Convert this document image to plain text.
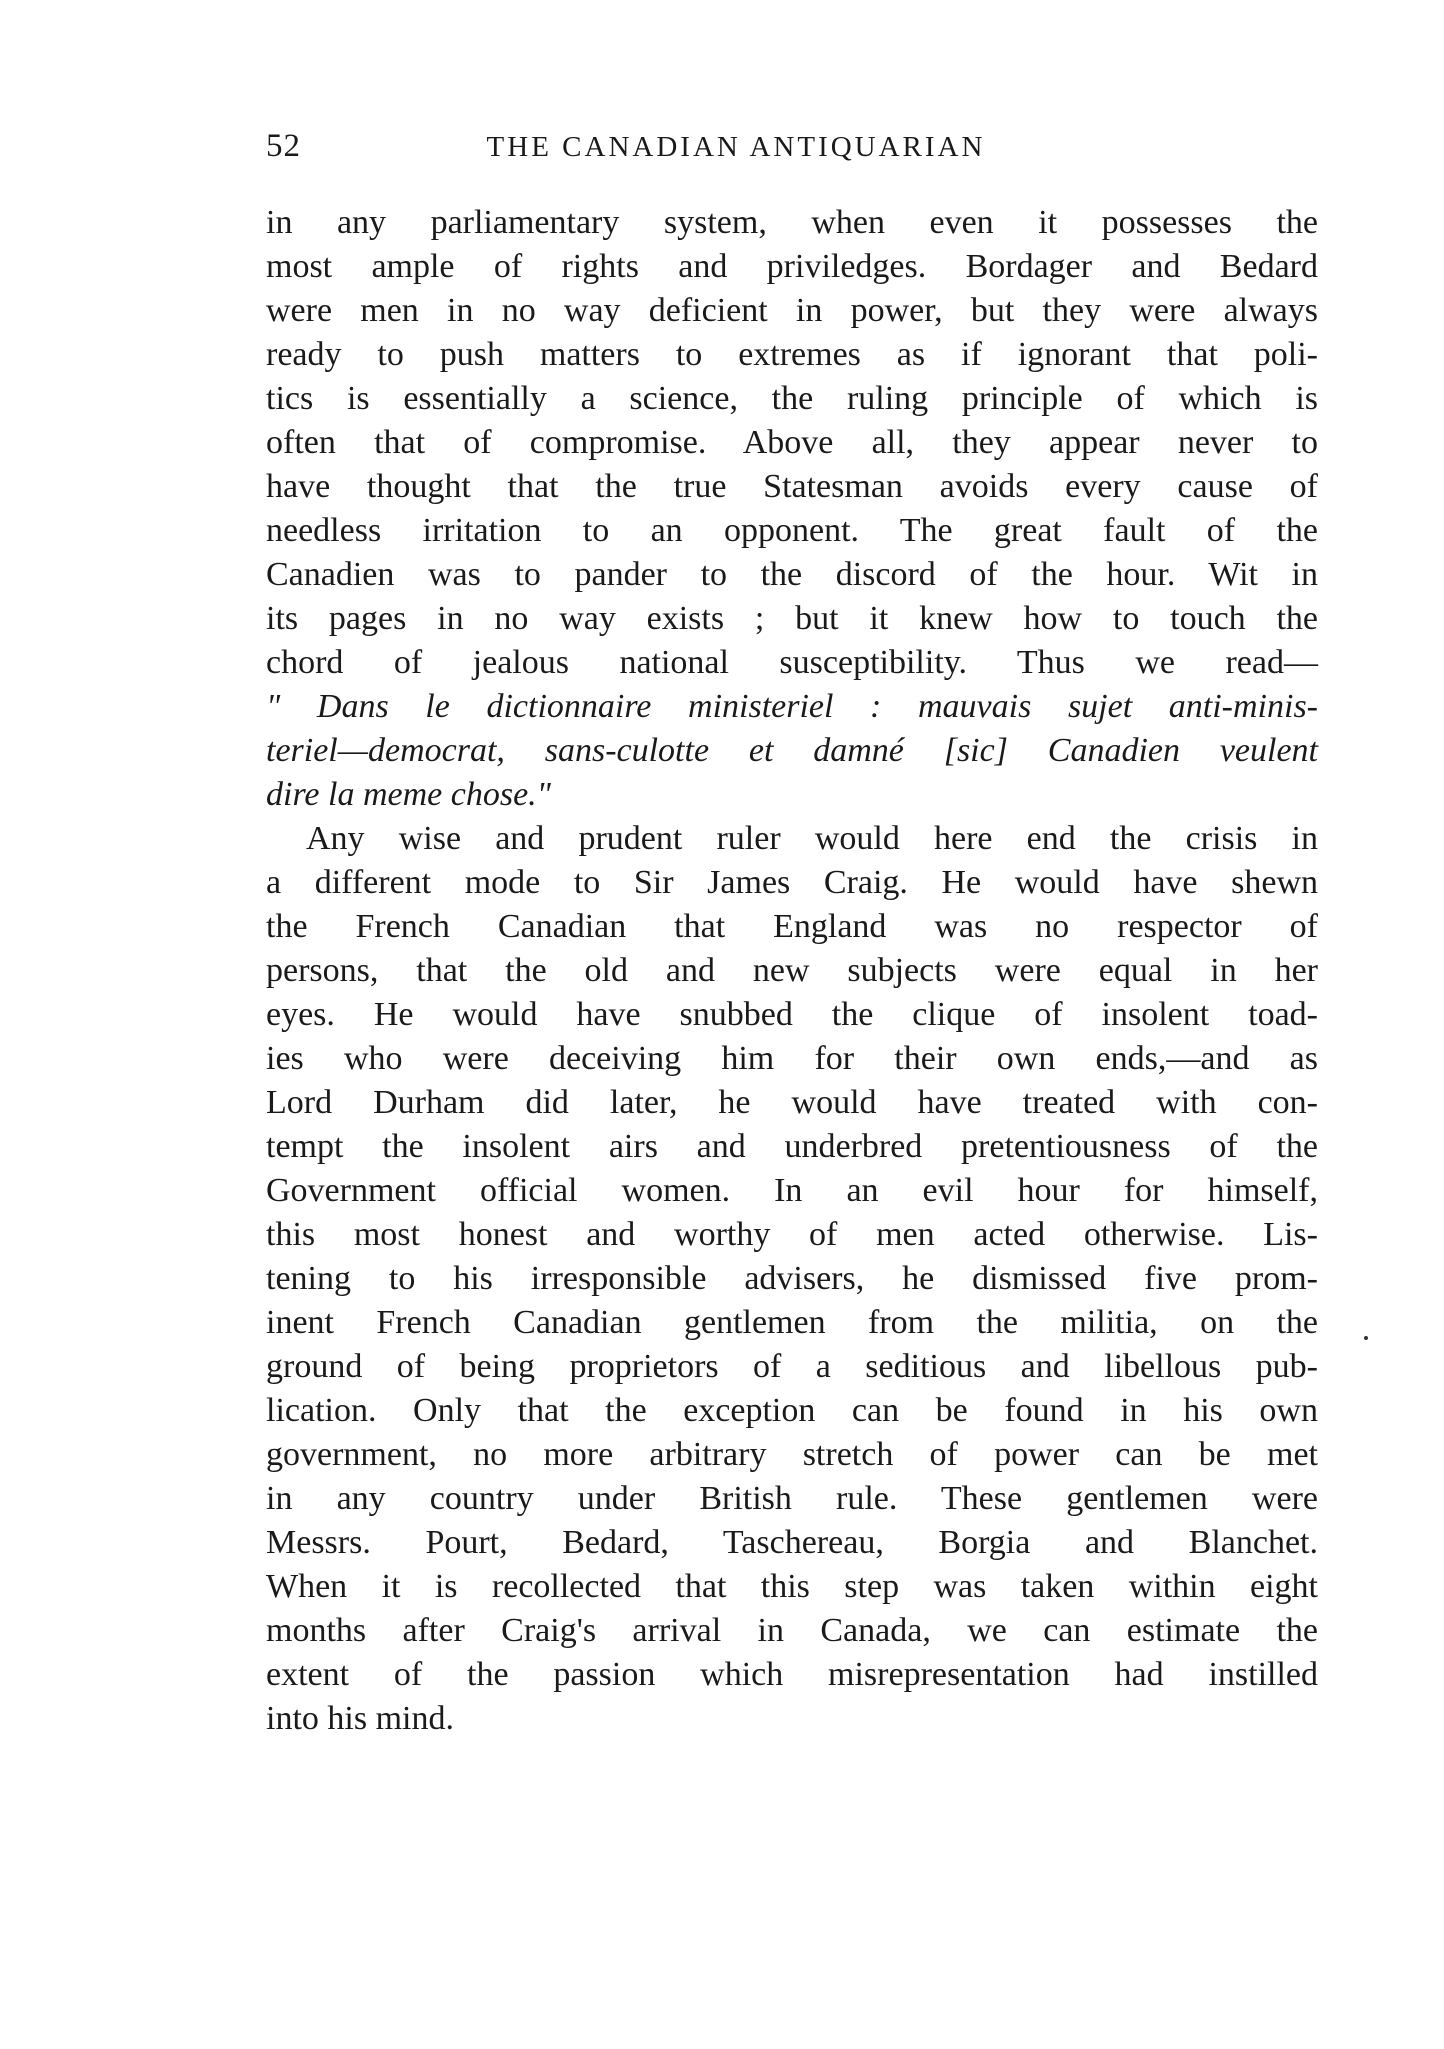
52	THE CANADIAN ANTIQUARIAN
in any parliamentary system, when even it possesses the
most ample of rights and priviledges. Bordager and Bedard
were men in no way deficient in power, but they were always
ready to push matters to extremes as if ignorant that poli-
tics is essentially a science, the ruling principle of which is
often that of compromise. Above all, they appear never to
have thought that the true Statesman avoids every cause of
needless irritation to an opponent. The great fault of the
Canadien was to pander to the discord of the hour. Wit in
its pages in no way exists ; but it knew how to touch the
chord of jealous national susceptibility. Thus we read—
" Dans le dictionnaire ministeriel : mauvais sujet anti-minis-
teriel—democrat, sans-culotte et damné [sic] Canadien veulent
dire la meme chose."
Any wise and prudent ruler would here end the crisis in
a different mode to Sir James Craig. He would have shewn
the French Canadian that England was no respector of
persons, that the old and new subjects were equal in her
eyes. He would have snubbed the clique of insolent toad-
ies who were deceiving him for their own ends,—and as
Lord Durham did later, he would have treated with con-
tempt the insolent airs and underbred pretentiousness of the
Government official women. In an evil hour for himself,
this most honest and worthy of men acted otherwise. Lis-
tening to his irresponsible advisers, he dismissed five prom-
inent French Canadian gentlemen from the militia, on the
ground of being proprietors of a seditious and libellous pub-
lication. Only that the exception can be found in his own
government, no more arbitrary stretch of power can be met
in any country under British rule. These gentlemen were
Messrs. Pourt, Bedard, Taschereau, Borgia and Blanchet.
When it is recollected that this step was taken within eight
months after Craig's arrival in Canada, we can estimate the
extent of the passion which misrepresentation had instilled
into his mind.
